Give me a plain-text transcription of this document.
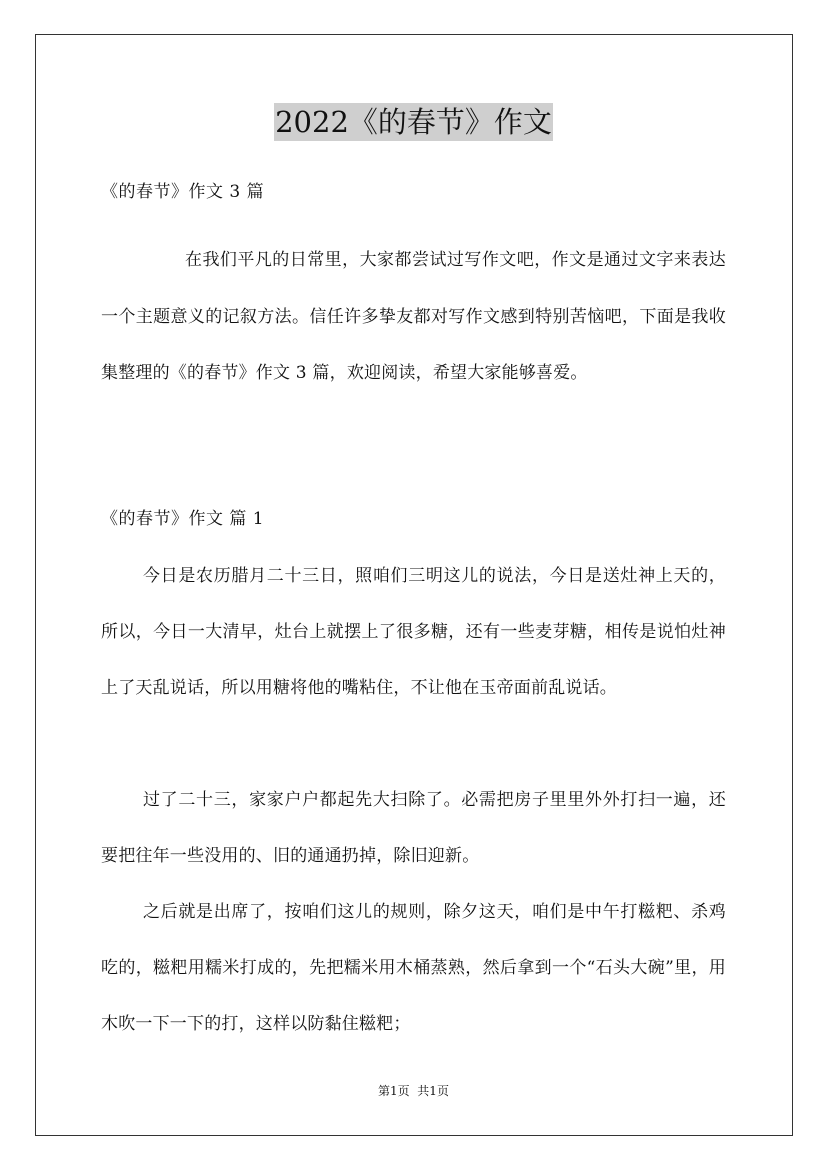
2022《的春节》作文
《的春节》作文 3 篇
在我们平凡的日常里，大家都尝试过写作文吧，作文是通过文字来表达一个主题意义的记叙方法。信任许多挚友都对写作文感到特别苦恼吧，下面是我收集整理的《的春节》作文 3 篇，欢迎阅读，希望大家能够喜爱。
《的春节》作文 篇 1
今日是农历腊月二十三日，照咱们三明这儿的说法，今日是送灶神上天的，所以，今日一大清早，灶台上就摆上了很多糖，还有一些麦芽糖，相传是说怕灶神上了天乱说话，所以用糖将他的嘴粘住，不让他在玉帝面前乱说话。
过了二十三，家家户户都起先大扫除了。必需把房子里里外外打扫一遍，还要把往年一些没用的、旧的通通扔掉，除旧迎新。
之后就是出席了，按咱们这儿的规则，除夕这天，咱们是中午打糍粑、杀鸡吃的，糍粑用糯米打成的，先把糯米用木桶蒸熟，然后拿到一个“石头大碗”里，用木吹一下一下的打，这样以防黏住糍粑；
第1页  共1页
